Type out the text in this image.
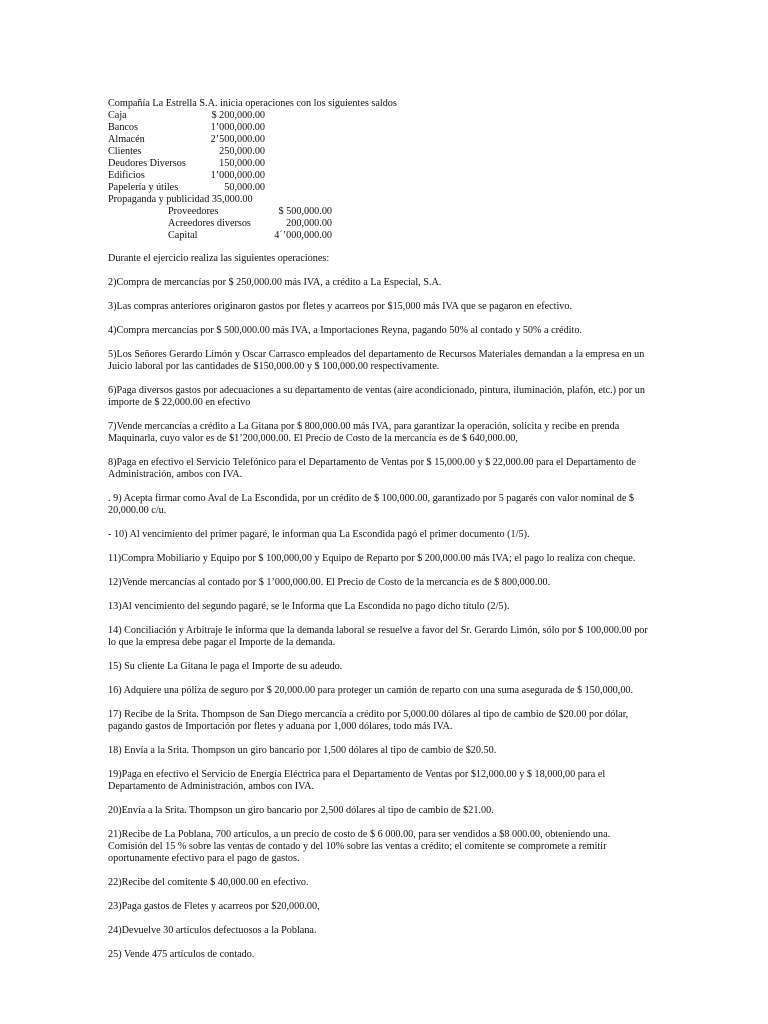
Compañía La Estrella S.A. inicia operaciones con los siguientes saldos

Caja	$ 200,000.00
Bancos	1’000,000.00
Almacén	2’500,000.00
Clientes	250,000.00
Deudores Diversos	150,000.00
Edificios	1’000,000.00
Papelería y útiles	50,000.00
Propaganda y publicidad 35,000.00
Proveedores	$ 500,000.00
Acreedores diversos	200,000.00
Capital	4´’000,000.00

Durante el ejercicio realiza las siguientes operaciones:

2)Compra de mercancías por $ 250,000.00 más IVA, a crédito a La Especial, S.A.

3)Las compras anteriores originaron gastos por fletes y acarreos por $15,000 más IVA que se pagaron en efectivo.

4)Compra mercancías por $ 500,000.00 más IVA, a Importaciones Reyna, pagando 50% al contado y 50% a crédito.

5)Los Señores Gerardo Limón y Oscar Carrasco empleados del departamento de Recursos Materiales demandan a la empresa en un Juicio laboral por las cantidades de $150,000.00 y $ 100,000.00 respectivamente.

6)Paga diversos gastos por adecuaciones a su departamento de ventas (aire acondicionado, pintura, iluminación, plafón, etc.) por un importe de $ 22,000.00 en efectivo

7)Vende mercancías a crédito a La Gitana por $ 800,000.00 más IVA, para garantizar la operación, solicita y recibe en prenda Maquinarla, cuyo valor es de $1’200,000.00. El Precio de Costo de la mercancía es de $ 640,000.00,

8)Paga en efectivo el Servicio Telefónico para el Departamento de Ventas por $ 15,000.00 y $ 22,000.00 para el Departamento de Administración, ambos con IVA.

. 9) Acepta firmar como Aval de La Escondida, por un crédito de $ 100,000.00, garantizado por 5 pagarés con valor nominal de $ 20,000.00 c/u.

- 10) Al vencimiento del primer pagaré, le informan qua La Escondida pagó el primer documento (1/5).

11)Compra Mobiliario y Equipo por $ 100,000,00 y Equipo de Reparto por $ 200,000.00 más IVA; el pago lo realiza con cheque.

12)Vende mercancías al contado por $ 1’000,000.00. El Precio de Costo de la mercancía es de $ 800,000.00.

13)Al vencimiento del segundo pagaré, se le Informa que La Escondida no pago dicho título (2/5).

14) Conciliación y Arbitraje le informa que la demanda laboral se resuelve a favor del Sr. Gerardo Limón, sólo por $ 100,000.00 por lo que la empresa debe pagar el Importe de la demanda.

15) Su cliente La Gitana le paga el Importe de su adeudo.

16) Adquiere una póliza de seguro por $ 20,000.00 para proteger un camión de reparto con una suma asegurada de $ 150,000,00.

17) Recibe de la Srita. Thompson de San Diego mercancía a crédito por 5,000.00 dólares al tipo de cambio de $20.00 por dólar, pagando gastos de Importación por fletes y aduana por 1,000 dólares, todo más IVA.

18) Envía a la Srita. Thompson un giro bancario por 1,500 dólares al tipo de cambio de $20.50.

19)Paga en efectivo el Servicio de Energía Eléctrica para el Departamento de Ventas por $12,000.00 y $ 18,000,00 para el Departamento de Administración, ambos con IVA.

20)Envía a la Srita. Thompson un giro bancario por 2,500 dólares al tipo de cambio de $21.00.

21)Recibe de La Poblana, 700 artículos, a un precio de costo de $ 6 000.00, para ser vendidos a $8 000.00, obteniendo una. Comisión del 15 % sobre las ventas de contado y del 10% sobre las ventas a crédito; el comitente se compromete a remitir oportunamente efectivo para el pago de gastos.

22)Recibe del comitente $ 40,000.00 en efectivo.

23)Paga gastos de Fletes y acarreos por $20,000.00,

24)Devuelve 30 artículos defectuosos a la Poblana.

25) Vende 475 artículos de contado.
